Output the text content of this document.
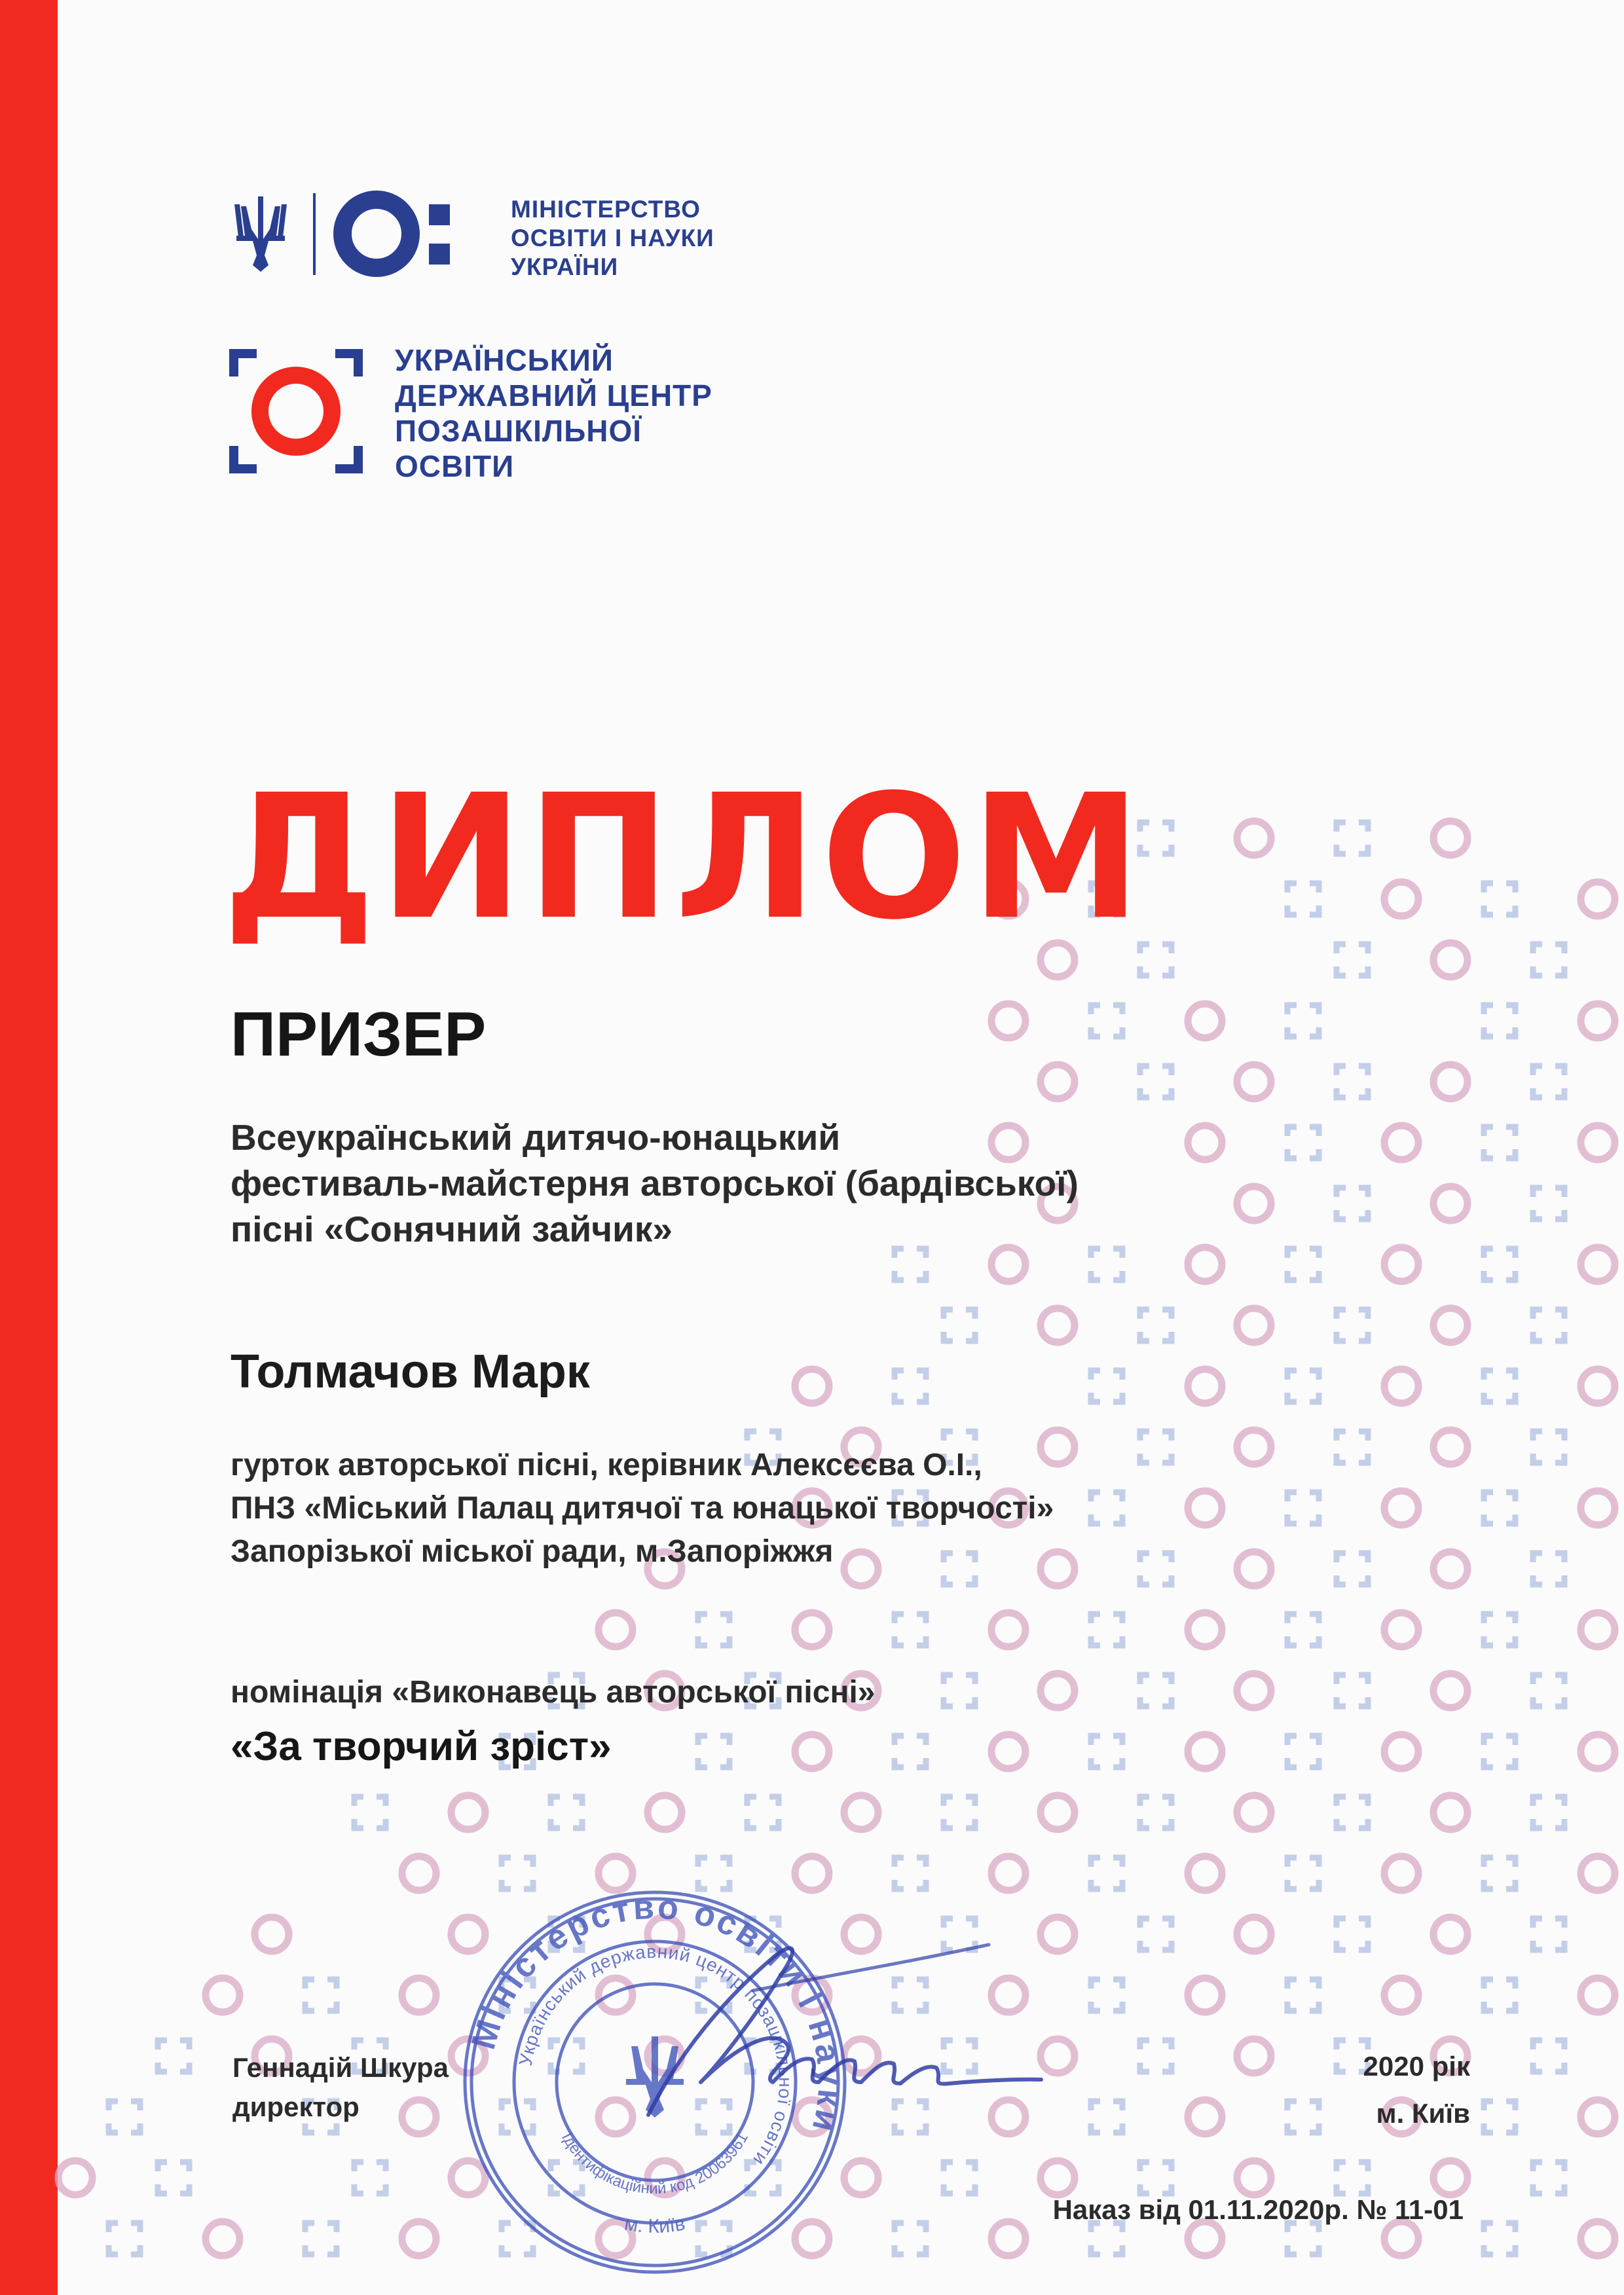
МІНІСТЕРСТВО
ОСВІТИ І НАУКИ
УКРАЇНИ
УКРАЇНСЬКИЙ
ДЕРЖАВНИЙ ЦЕНТР
ПОЗАШКІЛЬНОЇ
ОСВІТИ
ДИПЛОМ
ПРИЗЕР
Всеукраїнський дитячо-юнацький
фестиваль-майстерня авторської (бардівської)
пісні «Сонячний зайчик»
Толмачов Марк
гурток авторської пісні, керівник Алексєєва О.І.,
ПНЗ «Міський Палац дитячої та юнацької творчості»
Запорізької міської ради, м.Запоріжжя
номінація «Виконавець авторської пісні»
«За творчий зріст»
Геннадій Шкура
директор
2020 рік
м. Київ
Наказ від 01.11.2020р. № 11-01
Міністерство освіти і науки
Український державний центр позашкільної освіти
Ідентифікаційний код 20063961
м. Київ
